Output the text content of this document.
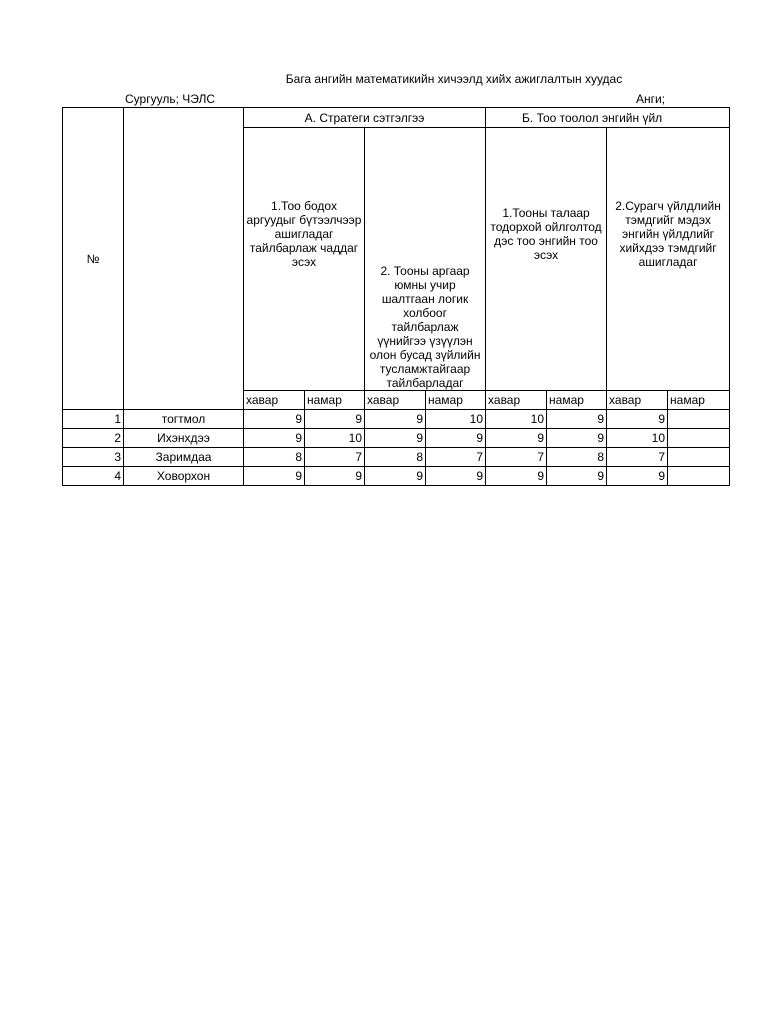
Бага ангийн математикийн хичээлд хийх ажиглалтын хуудас
Сургууль; ЧЭЛС	Анги;
№		А. Стратеги сэтгэлгээ				Б. Тоо тоолол энгийн үйл			
		1.Тоо бодох аргуудыг бүтээлчээр ашигладаг тайлбарлаж чаддаг эсэх		2. Тооны аргаар юмны учир шалтгаан логик холбоог тайлбарлаж үүнийгээ үзүүлэн олон бусад зүйлийн тусламжтайгаар тайлбарладаг		1.Тооны талаар тодорхой ойлголтод дэс тоо энгийн тоо эсэх		2.Сурагч үйлдлийн тэмдгийг мэдэх энгийн үйлдлийг хийхдээ тэмдгийг ашигладаг	
		хавар	намар	хавар	намар	хавар	намар	хавар	намар
1	тогтмол	9	9	9	10	10	9	9	
2	Ихэнхдээ	9	10	9	9	9	9	10	
3	Заримдаа	8	7	8	7	7	8	7	
4	Ховорхон	9	9	9	9	9	9	9	
